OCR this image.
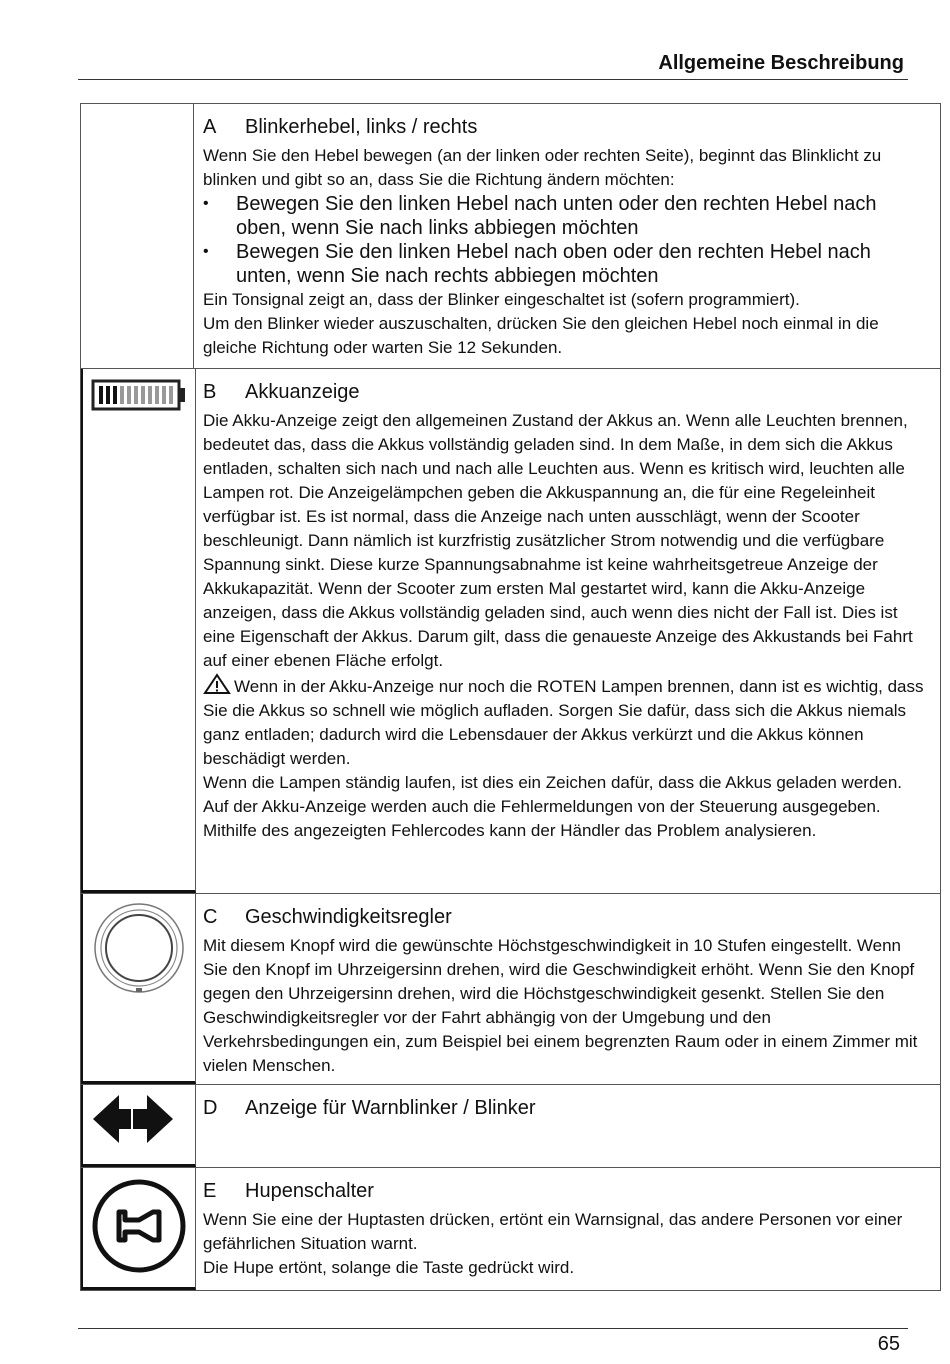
Allgemeine Beschreibung

A Blinkerhebel, links / rechts

Wenn Sie den Hebel bewegen (an der linken oder rechten Seite), beginnt das Blinklicht zu blinken und gibt so an, dass Sie die Richtung ändern möchten:

• Bewegen Sie den linken Hebel nach unten oder den rechten Hebel nach oben, wenn Sie nach links abbiegen möchten
• Bewegen Sie den linken Hebel nach oben oder den rechten Hebel nach unten, wenn Sie nach rechts abbiegen möchten

Ein Tonsignal zeigt an, dass der Blinker eingeschaltet ist (sofern programmiert).

Um den Blinker wieder auszuschalten, drücken Sie den gleichen Hebel noch einmal in die gleiche Richtung oder warten Sie 12 Sekunden.

B Akkuanzeige

Die Akku-Anzeige zeigt den allgemeinen Zustand der Akkus an. Wenn alle Leuchten brennen, bedeutet das, dass die Akkus vollständig geladen sind. In dem Maße, in dem sich die Akkus entladen, schalten sich nach und nach alle Leuchten aus. Wenn es kritisch wird, leuchten alle Lampen rot. Die Anzeigelämpchen geben die Akkuspannung an, die für eine Regeleinheit verfügbar ist. Es ist normal, dass die Anzeige nach unten ausschlägt, wenn der Scooter beschleunigt. Dann nämlich ist kurzfristig zusätzlicher Strom notwendig und die verfügbare Spannung sinkt. Diese kurze Spannungsabnahme ist keine wahrheitsgetreue Anzeige der Akkukapazität. Wenn der Scooter zum ersten Mal gestartet wird, kann die Akku-Anzeige anzeigen, dass die Akkus vollständig geladen sind, auch wenn dies nicht der Fall ist. Dies ist eine Eigenschaft der Akkus. Darum gilt, dass die genaueste Anzeige des Akkustands bei Fahrt auf einer ebenen Fläche erfolgt.

Wenn in der Akku-Anzeige nur noch die ROTEN Lampen brennen, dann ist es wichtig, dass Sie die Akkus so schnell wie möglich aufladen. Sorgen Sie dafür, dass sich die Akkus niemals ganz entladen; dadurch wird die Lebensdauer der Akkus verkürzt und die Akkus können beschädigt werden.

Wenn die Lampen ständig laufen, ist dies ein Zeichen dafür, dass die Akkus geladen werden. Auf der Akku-Anzeige werden auch die Fehlermeldungen von der Steuerung ausgegeben. Mithilfe des angezeigten Fehlercodes kann der Händler das Problem analysieren.

C Geschwindigkeitsregler

Mit diesem Knopf wird die gewünschte Höchstgeschwindigkeit in 10 Stufen eingestellt. Wenn Sie den Knopf im Uhrzeigersinn drehen, wird die Geschwindigkeit erhöht. Wenn Sie den Knopf gegen den Uhrzeigersinn drehen, wird die Höchstgeschwindigkeit gesenkt. Stellen Sie den Geschwindigkeitsregler vor der Fahrt abhängig von der Umgebung und den Verkehrsbedingungen ein, zum Beispiel bei einem begrenzten Raum oder in einem Zimmer mit vielen Menschen.

D Anzeige für Warnblinker / Blinker

E Hupenschalter

Wenn Sie eine der Huptasten drücken, ertönt ein Warnsignal, das andere Personen vor einer gefährlichen Situation warnt.

Die Hupe ertönt, solange die Taste gedrückt wird.

65
